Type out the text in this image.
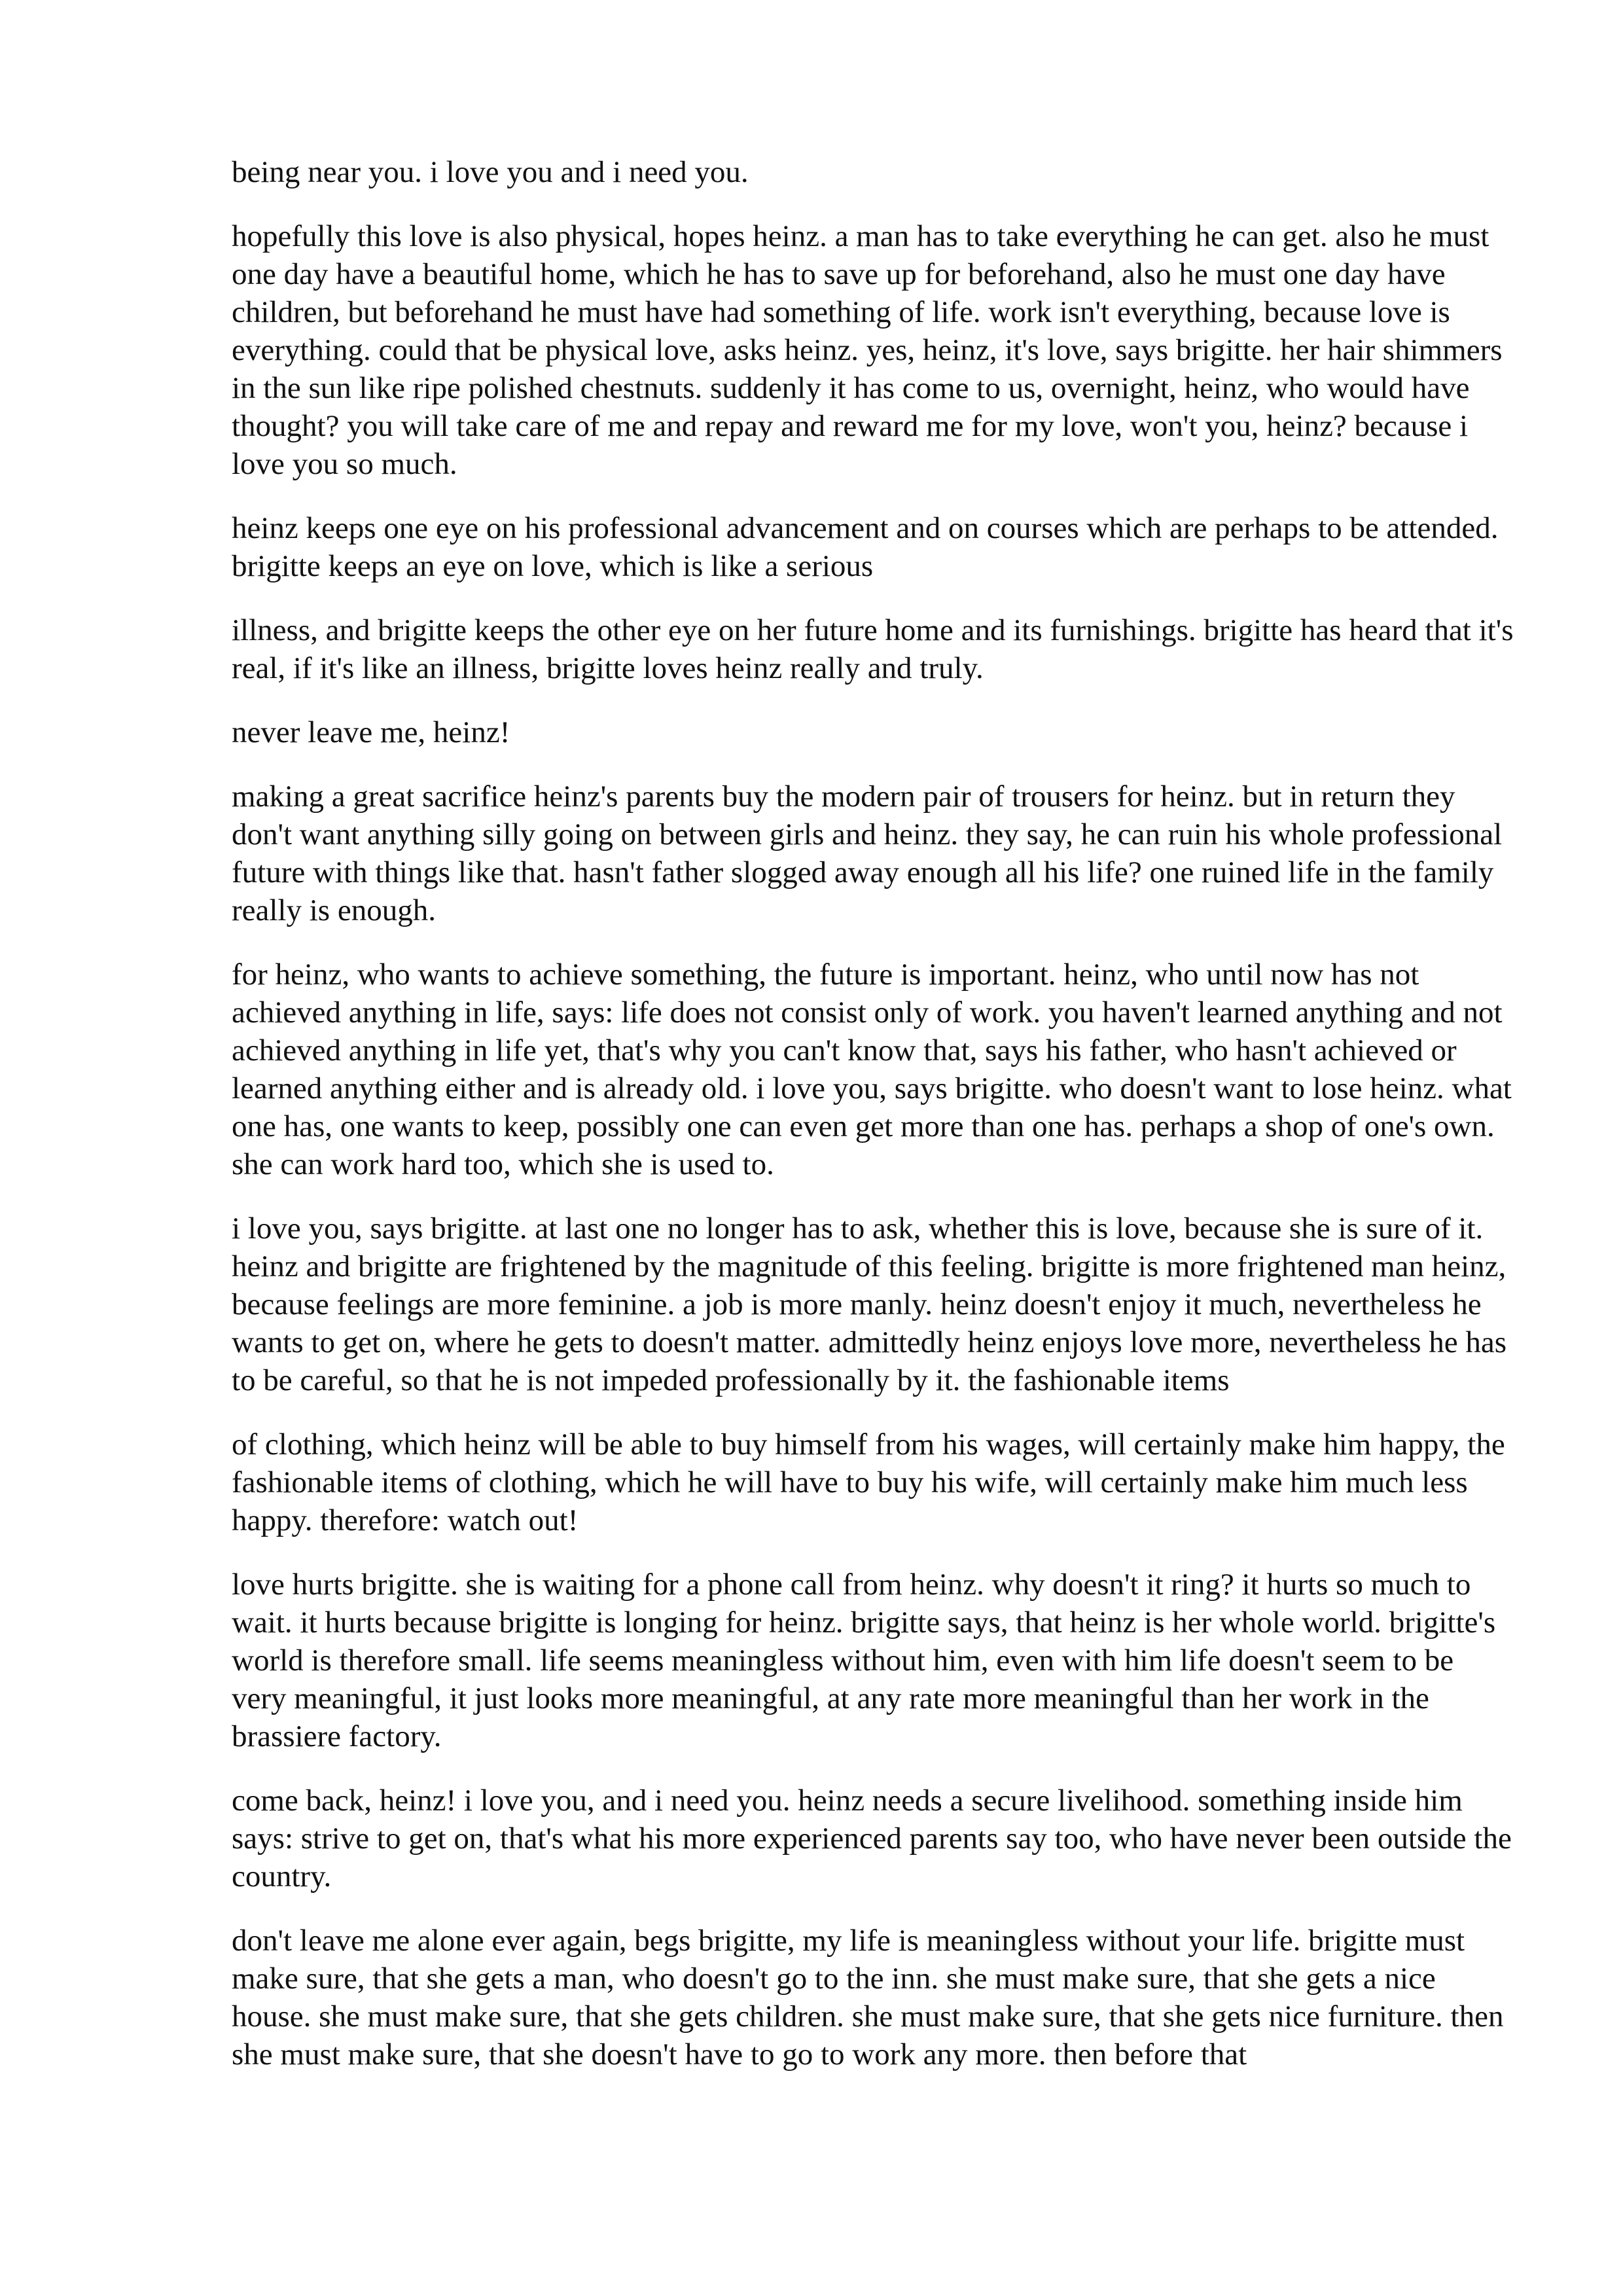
being near you. i love you and i need you.

hopefully this love is also physical, hopes heinz. a man has to take everything he can get. also he must one day have a beautiful home, which he has to save up for beforehand, also he must one day have children, but beforehand he must have had something of life. work isn't everything, because love is everything. could that be physical love, asks heinz. yes, heinz, it's love, says brigitte. her hair shimmers in the sun like ripe polished chestnuts. suddenly it has come to us, overnight, heinz, who would have thought? you will take care of me and repay and reward me for my love, won't you, heinz? because i love you so much.

heinz keeps one eye on his professional advancement and on courses which are perhaps to be attended. brigitte keeps an eye on love, which is like a serious

illness, and brigitte keeps the other eye on her future home and its furnishings. brigitte has heard that it's real, if it's like an illness, brigitte loves heinz really and truly.

never leave me, heinz!

making a great sacrifice heinz's parents buy the modern pair of trousers for heinz. but in return they don't want anything silly going on between girls and heinz. they say, he can ruin his whole professional future with things like that. hasn't father slogged away enough all his life? one ruined life in the family really is enough.

for heinz, who wants to achieve something, the future is important. heinz, who until now has not achieved anything in life, says: life does not consist only of work. you haven't learned anything and not achieved anything in life yet, that's why you can't know that, says his father, who hasn't achieved or learned anything either and is already old. i love you, says brigitte. who doesn't want to lose heinz. what one has, one wants to keep, possibly one can even get more than one has. perhaps a shop of one's own. she can work hard too, which she is used to.

i love you, says brigitte. at last one no longer has to ask, whether this is love, because she is sure of it. heinz and brigitte are frightened by the magnitude of this feeling. brigitte is more frightened man heinz, because feelings are more feminine. a job is more manly. heinz doesn't enjoy it much, nevertheless he wants to get on, where he gets to doesn't matter. admittedly heinz enjoys love more, nevertheless he has to be careful, so that he is not impeded professionally by it. the fashionable items

of clothing, which heinz will be able to buy himself from his wages, will certainly make him happy, the fashionable items of clothing, which he will have to buy his wife, will certainly make him much less happy. therefore: watch out!

love hurts brigitte. she is waiting for a phone call from heinz. why doesn't it ring? it hurts so much to wait. it hurts because brigitte is longing for heinz. brigitte says, that heinz is her whole world. brigitte's world is therefore small. life seems meaningless without him, even with him life doesn't seem to be very meaningful, it just looks more meaningful, at any rate more meaningful than her work in the brassiere factory.

come back, heinz! i love you, and i need you. heinz needs a secure livelihood. something inside him says: strive to get on, that's what his more experienced parents say too, who have never been outside the country.

don't leave me alone ever again, begs brigitte, my life is meaningless without your life. brigitte must make sure, that she gets a man, who doesn't go to the inn. she must make sure, that she gets a nice house. she must make sure, that she gets children. she must make sure, that she gets nice furniture. then she must make sure, that she doesn't have to go to work any more. then before that
